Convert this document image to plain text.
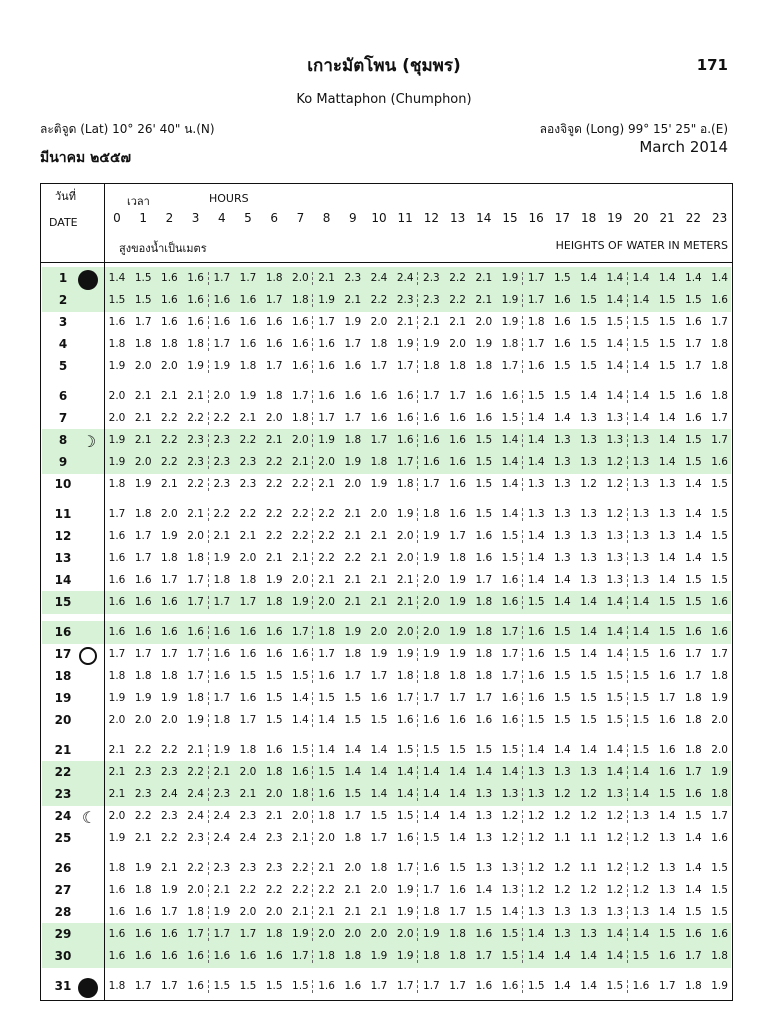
เกาะมัตโพน (ชุมพร)	171
Ko Mattaphon (Chumphon)
ละติจูด (Lat) 10° 26' 40" น.(N)	ลองจิจูด (Long) 99° 15' 25" อ.(E)
มีนาคม ๒๕๕๗
March 2014
วันที่
DATE
เวลา	HOURS
สูงของน้ำเป็นเมตร	HEIGHTS OF WATER IN METERS
0	1	2	3	4	5	6	7	8	9	10 11 12 13 14 15 16 17 18 19 20 21 22 23
1	1.4 1.5 1.6 1.6 1.7 1.7 1.8 2.0 2.1 2.3 2.4 2.4 2.3 2.2 2.1 1.9 1.7 1.5 1.4 1.4 1.4 1.4 1.4 1.4
2	1.5 1.5 1.6 1.6 1.6 1.6 1.7 1.8 1.9 2.1 2.2 2.3 2.3 2.2 2.1 1.9 1.7 1.6 1.5 1.4 1.4 1.5 1.5 1.6
3	1.6 1.7 1.6 1.6 1.6 1.6 1.6 1.6 1.7 1.9 2.0 2.1 2.1 2.1 2.0 1.9 1.8 1.6 1.5 1.5 1.5 1.5 1.6 1.7
4	1.8 1.8 1.8 1.8 1.7 1.6 1.6 1.6 1.6 1.7 1.8 1.9 1.9 2.0 1.9 1.8 1.7 1.6 1.5 1.4 1.5 1.5 1.7 1.8
5	1.9 2.0 2.0 1.9 1.9 1.8 1.7 1.6 1.6 1.6 1.7 1.7 1.8 1.8 1.8 1.7 1.6 1.5 1.5 1.4 1.4 1.5 1.7 1.8
6	2.0 2.1 2.1 2.1 2.0 1.9 1.8 1.7 1.6 1.6 1.6 1.6 1.7 1.7 1.6 1.6 1.5 1.5 1.4 1.4 1.4 1.5 1.6 1.8
7	2.0 2.1 2.2 2.2 2.2 2.1 2.0 1.8 1.7 1.7 1.6 1.6 1.6 1.6 1.6 1.5 1.4 1.4 1.3 1.3 1.4 1.4 1.6 1.7
8 ☽	1.9 2.1 2.2 2.3 2.3 2.2 2.1 2.0 1.9 1.8 1.7 1.6 1.6 1.6 1.5 1.4 1.4 1.3 1.3 1.3 1.3 1.4 1.5 1.7
9	1.9 2.0 2.2 2.3 2.3 2.3 2.2 2.1 2.0 1.9 1.8 1.7 1.6 1.6 1.5 1.4 1.4 1.3 1.3 1.2 1.3 1.4 1.5 1.6
10	1.8 1.9 2.1 2.2 2.3 2.3 2.2 2.2 2.1 2.0 1.9 1.8 1.7 1.6 1.5 1.4 1.3 1.3 1.2 1.2 1.3 1.3 1.4 1.5
11	1.7 1.8 2.0 2.1 2.2 2.2 2.2 2.2 2.2 2.1 2.0 1.9 1.8 1.6 1.5 1.4 1.3 1.3 1.3 1.2 1.3 1.3 1.4 1.5
12	1.6 1.7 1.9 2.0 2.1 2.1 2.2 2.2 2.2 2.1 2.1 2.0 1.9 1.7 1.6 1.5 1.4 1.3 1.3 1.3 1.3 1.3 1.4 1.5
13	1.6 1.7 1.8 1.8 1.9 2.0 2.1 2.1 2.2 2.2 2.1 2.0 1.9 1.8 1.6 1.5 1.4 1.3 1.3 1.3 1.3 1.4 1.4 1.5
14	1.6 1.6 1.7 1.7 1.8 1.8 1.9 2.0 2.1 2.1 2.1 2.1 2.0 1.9 1.7 1.6 1.4 1.4 1.3 1.3 1.3 1.4 1.5 1.5
15	1.6 1.6 1.6 1.7 1.7 1.7 1.8 1.9 2.0 2.1 2.1 2.1 2.0 1.9 1.8 1.6 1.5 1.4 1.4 1.4 1.4 1.5 1.5 1.6
16	1.6 1.6 1.6 1.6 1.6 1.6 1.6 1.7 1.8 1.9 2.0 2.0 2.0 1.9 1.8 1.7 1.6 1.5 1.4 1.4 1.4 1.5 1.6 1.6
17	1.7 1.7 1.7 1.7 1.6 1.6 1.6 1.6 1.7 1.8 1.9 1.9 1.9 1.9 1.8 1.7 1.6 1.5 1.4 1.4 1.5 1.6 1.7 1.7
18	1.8 1.8 1.8 1.7 1.6 1.5 1.5 1.5 1.6 1.7 1.7 1.8 1.8 1.8 1.8 1.7 1.6 1.5 1.5 1.5 1.5 1.6 1.7 1.8
19	1.9 1.9 1.9 1.8 1.7 1.6 1.5 1.4 1.5 1.5 1.6 1.7 1.7 1.7 1.7 1.6 1.6 1.5 1.5 1.5 1.5 1.7 1.8 1.9
20	2.0 2.0 2.0 1.9 1.8 1.7 1.5 1.4 1.4 1.5 1.5 1.6 1.6 1.6 1.6 1.6 1.5 1.5 1.5 1.5 1.5 1.6 1.8 2.0
21	2.1 2.2 2.2 2.1 1.9 1.8 1.6 1.5 1.4 1.4 1.4 1.5 1.5 1.5 1.5 1.5 1.4 1.4 1.4 1.4 1.5 1.6 1.8 2.0
22	2.1 2.3 2.3 2.2 2.1 2.0 1.8 1.6 1.5 1.4 1.4 1.4 1.4 1.4 1.4 1.4 1.3 1.3 1.3 1.4 1.4 1.6 1.7 1.9
23	2.1 2.3 2.4 2.4 2.3 2.1 2.0 1.8 1.6 1.5 1.4 1.4 1.4 1.4 1.3 1.3 1.3 1.2 1.2 1.3 1.4 1.5 1.6 1.8
24 ☾	2.0 2.2 2.3 2.4 2.4 2.3 2.1 2.0 1.8 1.7 1.5 1.5 1.4 1.4 1.3 1.2 1.2 1.2 1.2 1.2 1.3 1.4 1.5 1.7
25	1.9 2.1 2.2 2.3 2.4 2.4 2.3 2.1 2.0 1.8 1.7 1.6 1.5 1.4 1.3 1.2 1.2 1.1 1.1 1.2 1.2 1.3 1.4 1.6
26	1.8 1.9 2.1 2.2 2.3 2.3 2.3 2.2 2.1 2.0 1.8 1.7 1.6 1.5 1.3 1.3 1.2 1.2 1.1 1.2 1.2 1.3 1.4 1.5
27	1.6 1.8 1.9 2.0 2.1 2.2 2.2 2.2 2.2 2.1 2.0 1.9 1.7 1.6 1.4 1.3 1.2 1.2 1.2 1.2 1.2 1.3 1.4 1.5
28	1.6 1.6 1.7 1.8 1.9 2.0 2.0 2.1 2.1 2.1 2.1 1.9 1.8 1.7 1.5 1.4 1.3 1.3 1.3 1.3 1.3 1.4 1.5 1.5
29	1.6 1.6 1.6 1.7 1.7 1.7 1.8 1.9 2.0 2.0 2.0 2.0 1.9 1.8 1.6 1.5 1.4 1.3 1.3 1.4 1.4 1.5 1.6 1.6
30	1.6 1.6 1.6 1.6 1.6 1.6 1.6 1.7 1.8 1.8 1.9 1.9 1.8 1.8 1.7 1.5 1.4 1.4 1.4 1.4 1.5 1.6 1.7 1.8
31	1.8 1.7 1.7 1.6 1.5 1.5 1.5 1.5 1.6 1.6 1.7 1.7 1.7 1.7 1.6 1.6 1.5 1.4 1.4 1.5 1.6 1.7 1.8 1.9
